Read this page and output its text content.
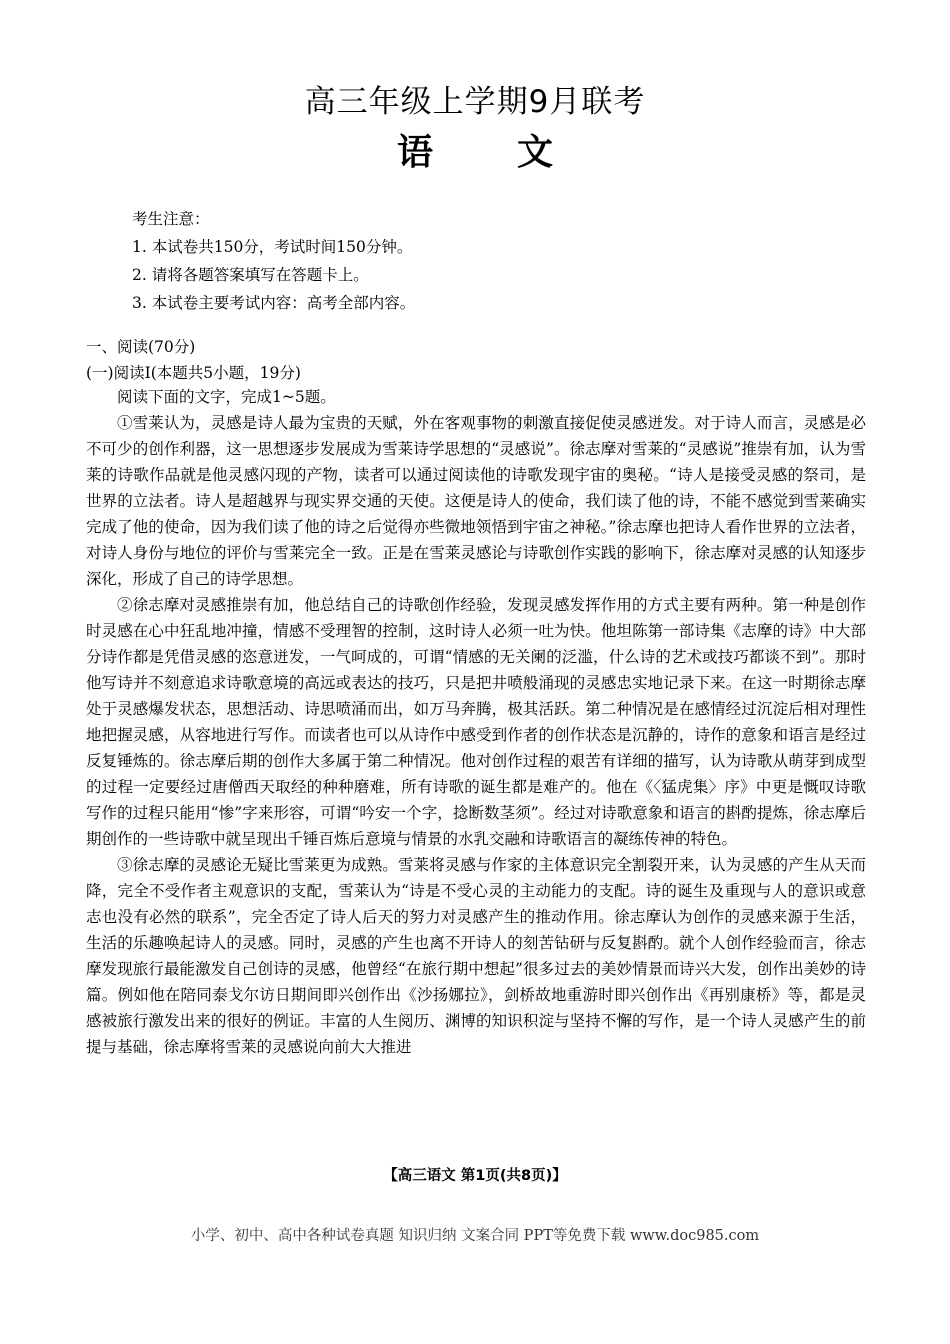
高三年级上学期9月联考
语 文
考生注意：
1. 本试卷共150分，考试时间150分钟。
2. 请将各题答案填写在答题卡上。
3. 本试卷主要考试内容：高考全部内容。
一、阅读(70分)
(一)阅读Ⅰ(本题共5小题，19分)
阅读下面的文字，完成1~5题。

①雪莱认为，灵感是诗人最为宝贵的天赋，外在客观事物的刺激直接促使灵感迸发。对于诗人而言，灵感是必不可少的创作利器，这一思想逐步发展成为雪莱诗学思想的“灵感说”。徐志摩对雪莱的“灵感说”推崇有加，认为雪莱的诗歌作品就是他灵感闪现的产物，读者可以通过阅读他的诗歌发现宇宙的奥秘。“诗人是接受灵感的祭司，是世界的立法者。诗人是超越界与现实界交通的天使。这便是诗人的使命，我们读了他的诗，不能不感觉到雪莱确实完成了他的使命，因为我们读了他的诗之后觉得亦些微地领悟到宇宙之神秘。”徐志摩也把诗人看作世界的立法者，对诗人身份与地位的评价与雪莱完全一致。正是在雪莱灵感论与诗歌创作实践的影响下，徐志摩对灵感的认知逐步深化，形成了自己的诗学思想。

②徐志摩对灵感推崇有加，他总结自己的诗歌创作经验，发现灵感发挥作用的方式主要有两种。第一种是创作时灵感在心中狂乱地冲撞，情感不受理智的控制，这时诗人必须一吐为快。他坦陈第一部诗集《志摩的诗》中大部分诗作都是凭借灵感的恣意迸发，一气呵成的，可谓“情感的无关阑的泛滥，什么诗的艺术或技巧都谈不到”。那时他写诗并不刻意追求诗歌意境的高远或表达的技巧，只是把井喷般涌现的灵感忠实地记录下来。在这一时期徐志摩处于灵感爆发状态，思想活动、诗思喷涌而出，如万马奔腾，极其活跃。第二种情况是在感情经过沉淀后相对理性地把握灵感，从容地进行写作。而读者也可以从诗作中感受到作者的创作状态是沉静的，诗作的意象和语言是经过反复锤炼的。徐志摩后期的创作大多属于第二种情况。他对创作过程的艰苦有详细的描写，认为诗歌从萌芽到成型的过程一定要经过唐僧西天取经的种种磨难，所有诗歌的诞生都是难产的。他在《〈猛虎集〉序》中更是慨叹诗歌写作的过程只能用“惨”字来形容，可谓“吟安一个字，捻断数茎须”。经过对诗歌意象和语言的斟酌提炼，徐志摩后期创作的一些诗歌中就呈现出千锤百炼后意境与情景的水乳交融和诗歌语言的凝练传神的特色。

③徐志摩的灵感论无疑比雪莱更为成熟。雪莱将灵感与作家的主体意识完全割裂开来，认为灵感的产生从天而降，完全不受作者主观意识的支配，雪莱认为“诗是不受心灵的主动能力的支配。诗的诞生及重现与人的意识或意志也没有必然的联系”，完全否定了诗人后天的努力对灵感产生的推动作用。徐志摩认为创作的灵感来源于生活，生活的乐趣唤起诗人的灵感。同时，灵感的产生也离不开诗人的刻苦钻研与反复斟酌。就个人创作经验而言，徐志摩发现旅行最能激发自己创诗的灵感，他曾经“在旅行期中想起”很多过去的美妙情景而诗兴大发，创作出美妙的诗篇。例如他在陪同泰戈尔访日期间即兴创作出《沙扬娜拉》，剑桥故地重游时即兴创作出《再别康桥》等，都是灵感被旅行激发出来的很好的例证。丰富的人生阅历、渊博的知识积淀与坚持不懈的写作，是一个诗人灵感产生的前提与基础，徐志摩将雪莱的灵感说向前大大推进

【高三语文 第1页(共8页)】
小学、初中、高中各种试卷真题 知识归纳 文案合同 PPT等免费下载 www.doc985.com
